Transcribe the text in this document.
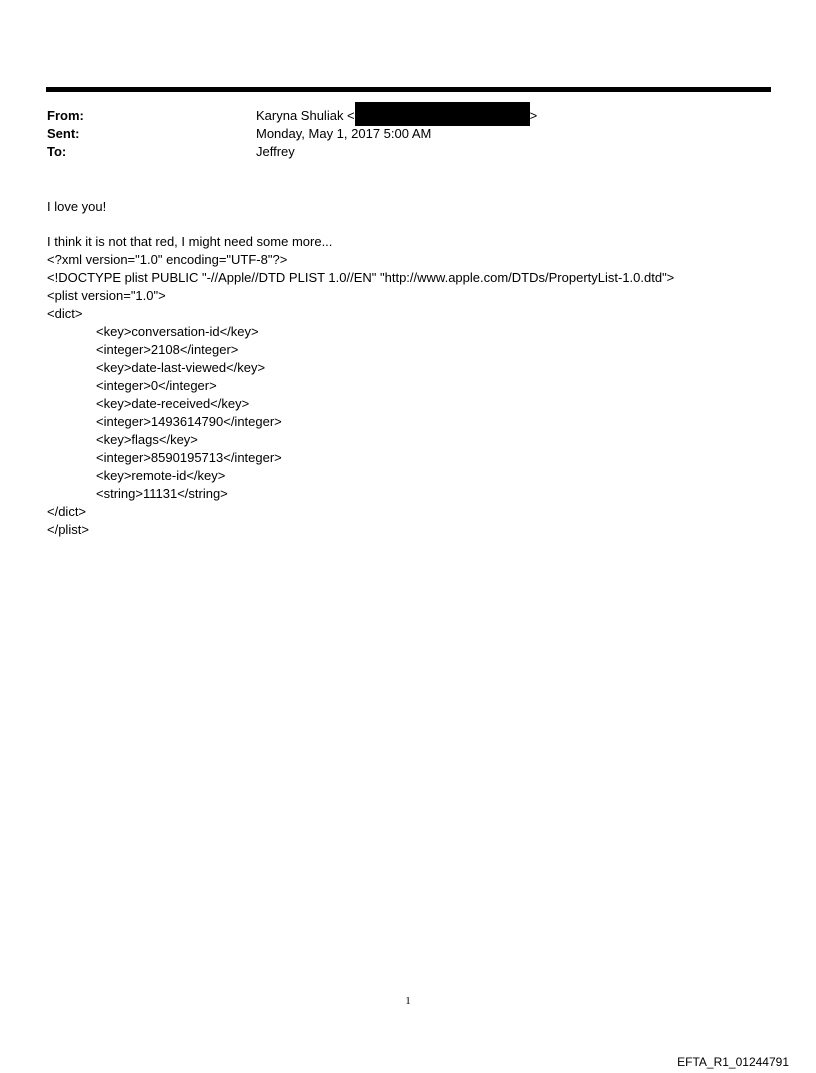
From:	Karyna Shuliak <	>
Sent:	Monday, May 1, 2017 5:00 AM
To:	Jeffrey
I love you!
I think it is not that red, I might need some more...
<?xml version="1.0" encoding="UTF-8"?>
<!DOCTYPE plist PUBLIC "-//Apple//DTD PLIST 1.0//EN" "http://www.apple.com/DTDs/PropertyList-1.0.dtd">
<plist version="1.0">
<dict>
<key>conversation-id</key>
<integer>2108</integer>
<key>date-last-viewed</key>
<integer>0</integer>
<key>date-received</key>
<integer>1493614790</integer>
<key>flags</key>
<integer>8590195713</integer>
<key>remote-id</key>
<string>11131</string>
</dict>
</plist>
1
EFTA_R1_01244791
